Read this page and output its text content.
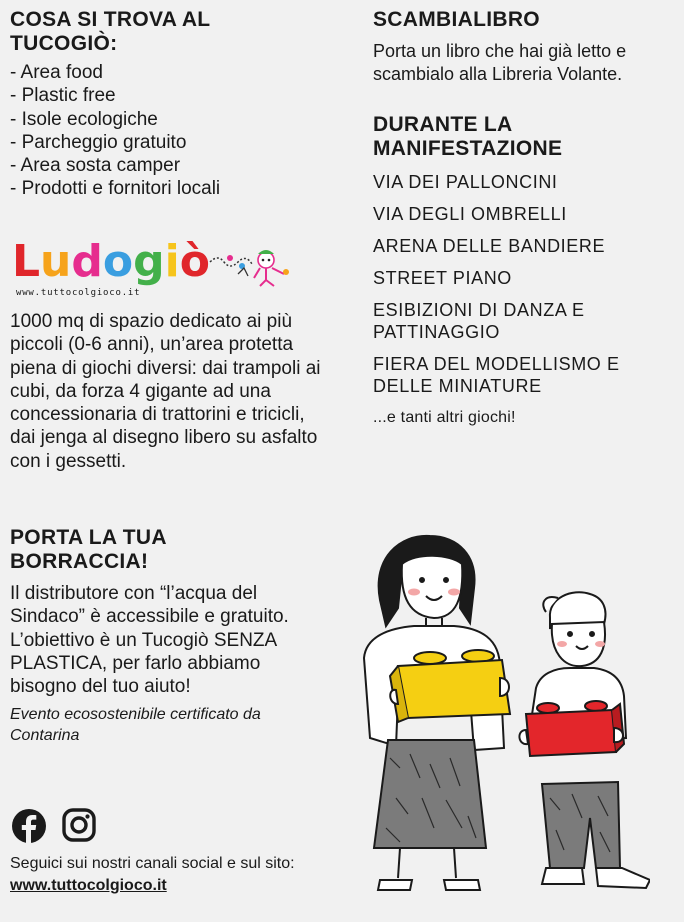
COSA SI TROVA AL TUCOGIÒ:
- Area food
- Plastic free
- Isole ecologiche
- Parcheggio gratuito
- Area sosta camper
- Prodotti e fornitori locali
Ludogiò
www.tuttocolgioco.it

1000 mq di spazio dedicato ai più piccoli (0-6 anni), un’area protetta piena di giochi diversi: dai trampoli ai cubi, da forza 4 gigante ad una concessionaria di trattorini e tricicli, dai jenga al disegno libero su asfalto con i gessetti.

PORTA LA TUA BORRACCIA!

Il distributore con “l’acqua del Sindaco” è accessibile e gratuito. L’obiettivo è un Tucogiò SENZA PLASTICA, per farlo abbiamo bisogno del tuo aiuto!

Evento ecosostenibile certificato da Contarina
Seguici sui nostri canali social e sul sito: www.tuttocolgioco.it
SCAMBIALIBRO

Porta un libro che hai già letto e scambialo alla Libreria Volante.

DURANTE LA MANIFESTAZIONE

VIA DEI PALLONCINI

VIA DEGLI OMBRELLI

ARENA DELLE BANDIERE

STREET PIANO

ESIBIZIONI DI DANZA E PATTINAGGIO

FIERA DEL MODELLISMO E DELLE MINIATURE

...e tanti altri giochi!
